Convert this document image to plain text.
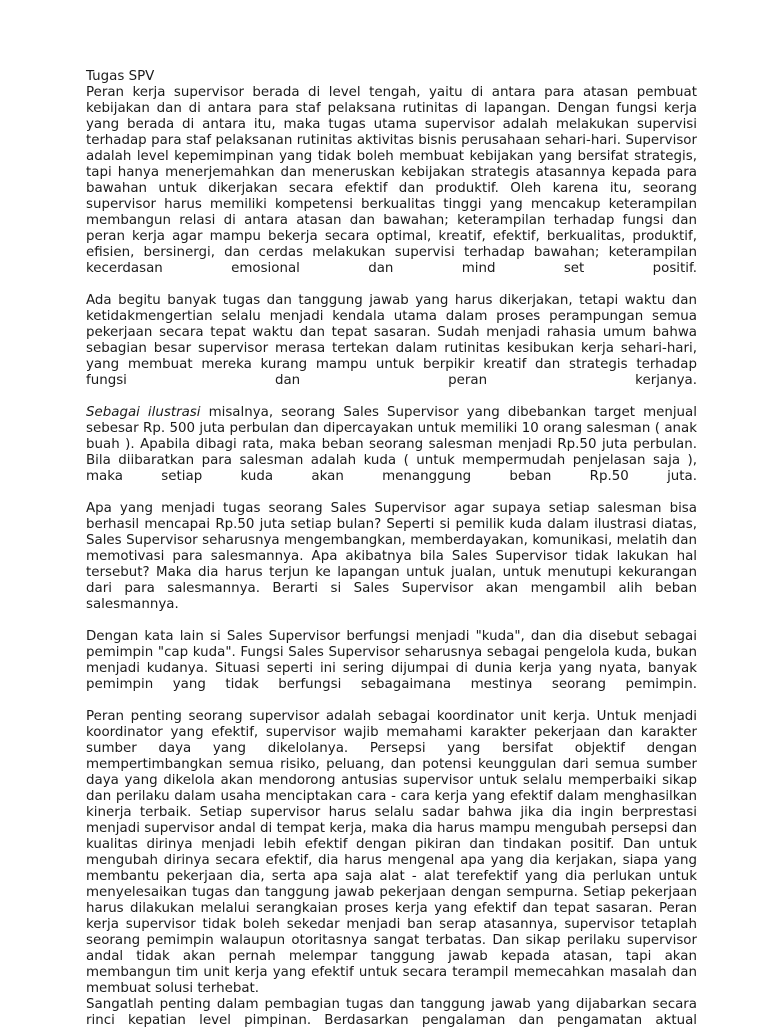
Tugas SPV

Peran kerja supervisor berada di level tengah, yaitu di antara para atasan pembuat kebijakan dan di antara para staf pelaksana rutinitas di lapangan. Dengan fungsi kerja yang berada di antara itu, maka tugas utama supervisor adalah melakukan supervisi terhadap para staf pelaksanan rutinitas aktivitas bisnis perusahaan sehari-hari. Supervisor adalah level kepemimpinan yang tidak boleh membuat kebijakan yang bersifat strategis, tapi hanya menerjemahkan dan meneruskan kebijakan strategis atasannya kepada para bawahan untuk dikerjakan secara efektif dan produktif. Oleh karena itu, seorang supervisor harus memiliki kompetensi berkualitas tinggi yang mencakup keterampilan membangun relasi di antara atasan dan bawahan; keterampilan terhadap fungsi dan peran kerja agar mampu bekerja secara optimal, kreatif, efektif, berkualitas, produktif, efisien, bersinergi, dan cerdas melakukan supervisi terhadap bawahan; keterampilan kecerdasan emosional dan mind set positif.

Ada begitu banyak tugas dan tanggung jawab yang harus dikerjakan, tetapi waktu dan ketidakmengertian selalu menjadi kendala utama dalam proses perampungan semua pekerjaan secara tepat waktu dan tepat sasaran. Sudah menjadi rahasia umum bahwa sebagian besar supervisor merasa tertekan dalam rutinitas kesibukan kerja sehari-hari, yang membuat mereka kurang mampu untuk berpikir kreatif dan strategis terhadap fungsi dan peran kerjanya.

Sebagai ilustrasi misalnya, seorang Sales Supervisor yang dibebankan target menjual sebesar Rp. 500 juta perbulan dan dipercayakan untuk memiliki 10 orang salesman ( anak buah ). Apabila dibagi rata, maka beban seorang salesman menjadi Rp.50 juta perbulan. Bila diibaratkan para salesman adalah kuda ( untuk mempermudah penjelasan saja ), maka setiap kuda akan menanggung beban Rp.50 juta.

Apa yang menjadi tugas seorang Sales Supervisor agar supaya setiap salesman bisa berhasil mencapai Rp.50 juta setiap bulan? Seperti si pemilik kuda dalam ilustrasi diatas, Sales Supervisor seharusnya mengembangkan, memberdayakan, komunikasi, melatih dan memotivasi para salesmannya. Apa akibatnya bila Sales Supervisor tidak lakukan hal tersebut? Maka dia harus terjun ke lapangan untuk jualan, untuk menutupi kekurangan dari para salesmannya. Berarti si Sales Supervisor akan mengambil alih beban salesmannya.

Dengan kata lain si Sales Supervisor berfungsi menjadi "kuda", dan dia disebut sebagai pemimpin "cap kuda". Fungsi Sales Supervisor seharusnya sebagai pengelola kuda, bukan menjadi kudanya. Situasi seperti ini sering dijumpai di dunia kerja yang nyata, banyak pemimpin yang tidak berfungsi sebagaimana mestinya seorang pemimpin.

Peran penting seorang supervisor adalah sebagai koordinator unit kerja. Untuk menjadi koordinator yang efektif, supervisor wajib memahami karakter pekerjaan dan karakter sumber daya yang dikelolanya. Persepsi yang bersifat objektif dengan mempertimbangkan semua risiko, peluang, dan potensi keunggulan dari semua sumber daya yang dikelola akan mendorong antusias supervisor untuk selalu memperbaiki sikap dan perilaku dalam usaha menciptakan cara - cara kerja yang efektif dalam menghasilkan kinerja terbaik. Setiap supervisor harus selalu sadar bahwa jika dia ingin berprestasi menjadi supervisor andal di tempat kerja, maka dia harus mampu mengubah persepsi dan kualitas dirinya menjadi lebih efektif dengan pikiran dan tindakan positif. Dan untuk mengubah dirinya secara efektif, dia harus mengenal apa yang dia kerjakan, siapa yang membantu pekerjaan dia, serta apa saja alat - alat terefektif yang dia perlukan untuk menyelesaikan tugas dan tanggung jawab pekerjaan dengan sempurna. Setiap pekerjaan harus dilakukan melalui serangkaian proses kerja yang efektif dan tepat sasaran. Peran kerja supervisor tidak boleh sekedar menjadi ban serap atasannya, supervisor tetaplah seorang pemimpin walaupun otoritasnya sangat terbatas. Dan sikap perilaku supervisor andal tidak akan pernah melempar tanggung jawab kepada atasan, tapi akan membangun tim unit kerja yang efektif untuk secara terampil memecahkan masalah dan membuat solusi terhebat.

Sangatlah penting dalam pembagian tugas dan tanggung jawab yang dijabarkan secara rinci kepatian level pimpinan. Berdasarkan pengalaman dan pengamatan aktual
